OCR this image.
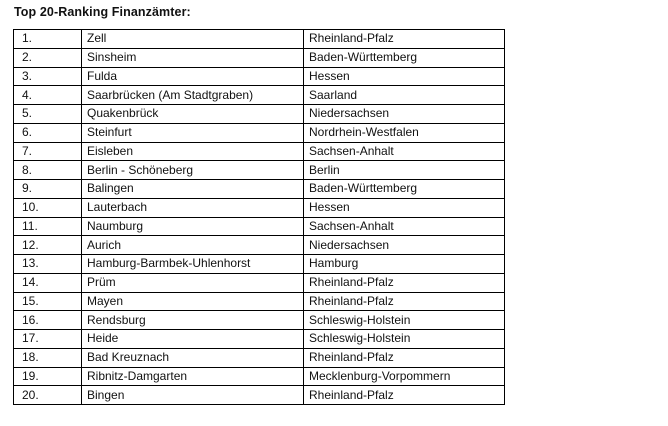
Top 20-Ranking Finanzämter:
1.	Zell	Rheinland-Pfalz
2.	Sinsheim	Baden-Württemberg
3.	Fulda	Hessen
4.	Saarbrücken (Am Stadtgraben)	Saarland
5.	Quakenbrück	Niedersachsen
6.	Steinfurt	Nordrhein-Westfalen
7.	Eisleben	Sachsen-Anhalt
8.	Berlin - Schöneberg	Berlin
9.	Balingen	Baden-Württemberg
10.	Lauterbach	Hessen
11.	Naumburg	Sachsen-Anhalt
12.	Aurich	Niedersachsen
13.	Hamburg-Barmbek-Uhlenhorst	Hamburg
14.	Prüm	Rheinland-Pfalz
15.	Mayen	Rheinland-Pfalz
16.	Rendsburg	Schleswig-Holstein
17.	Heide	Schleswig-Holstein
18.	Bad Kreuznach	Rheinland-Pfalz
19.	Ribnitz-Damgarten	Mecklenburg-Vorpommern
20.	Bingen	Rheinland-Pfalz
